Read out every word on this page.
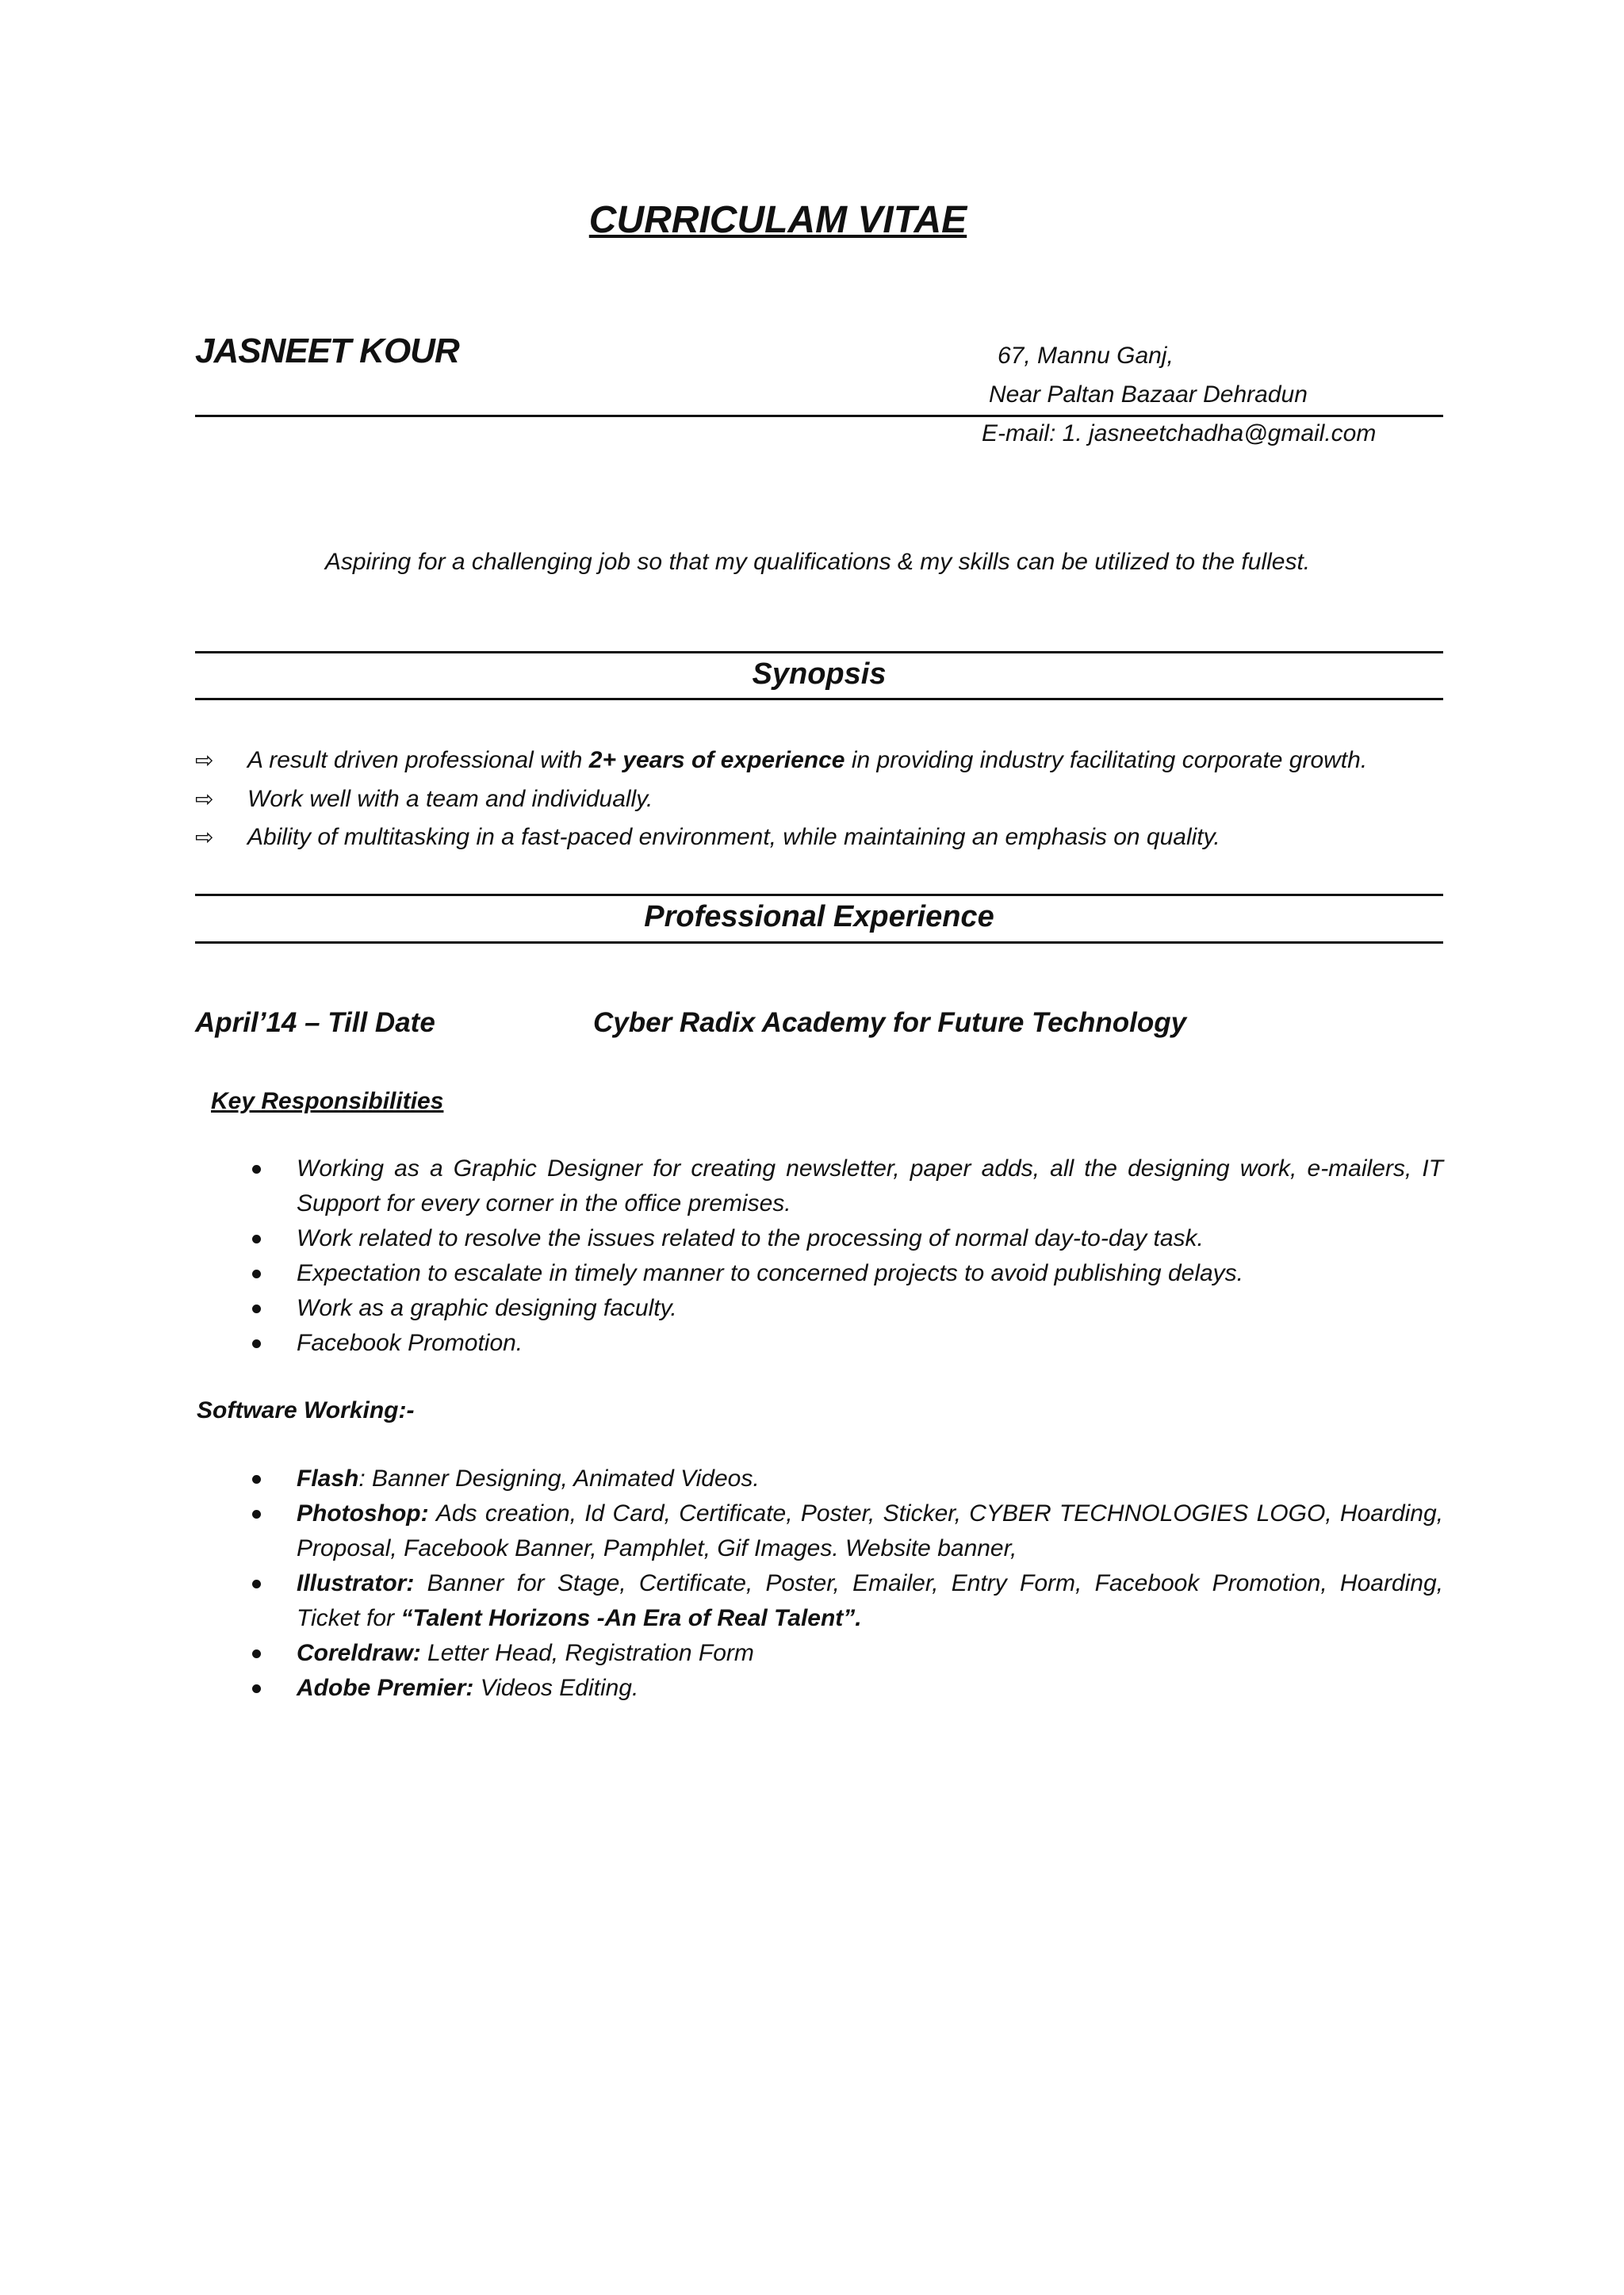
CURRICULAM VITAE
JASNEET KOUR	67, Mannu Ganj,
Near Paltan Bazaar Dehradun
E-mail: 1. jasneetchadha@gmail.com
Aspiring for a challenging job so that my qualifications & my skills can be utilized to the fullest.
Synopsis
⇨ A result driven professional with 2+ years of experience in providing industry facilitating corporate growth.
⇨ Work well with a team and individually.
⇨ Ability of multitasking in a fast-paced environment, while maintaining an emphasis on quality.
Professional Experience
April’14 – Till Date	Cyber Radix Academy for Future Technology
Key Responsibilities
Working as a Graphic Designer for creating newsletter, paper adds, all the designing work, e-mailers, IT Support for every corner in the office premises.
Work related to resolve the issues related to the processing of normal day-to-day task.
Expectation to escalate in timely manner to concerned projects to avoid publishing delays.
Work as a graphic designing faculty.
Facebook Promotion.
Software Working:-
Flash: Banner Designing, Animated Videos.
Photoshop: Ads creation, Id Card, Certificate, Poster, Sticker, CYBER TECHNOLOGIES LOGO, Hoarding, Proposal, Facebook Banner, Pamphlet, Gif Images. Website banner,
Illustrator: Banner for Stage, Certificate, Poster, Emailer, Entry Form, Facebook Promotion, Hoarding, Ticket for “Talent Horizons -An Era of Real Talent”.
Coreldraw: Letter Head, Registration Form
Adobe Premier: Videos Editing.
